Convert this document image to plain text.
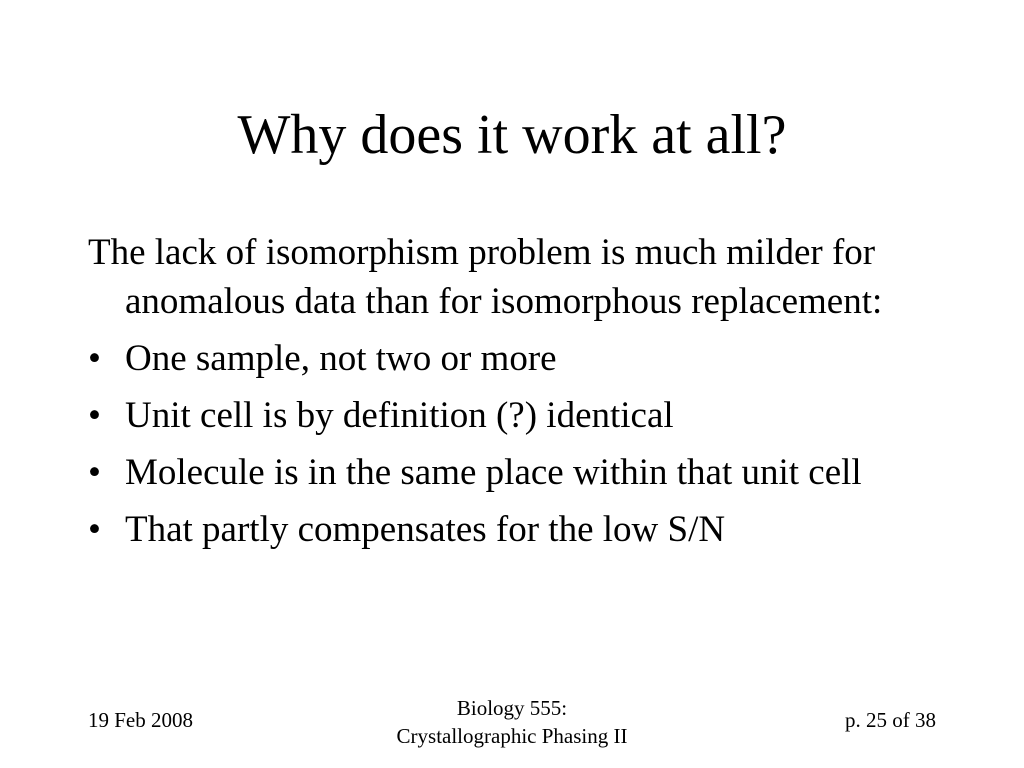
Why does it work at all?

The lack of isomorphism problem is much milder for anomalous data than for isomorphous replacement:

• One sample, not two or more
• Unit cell is by definition (?) identical
• Molecule is in the same place within that unit cell
• That partly compensates for the low S/N
19 Feb 2008	Biology 555:
Crystallographic Phasing II
p. 25 of 38
